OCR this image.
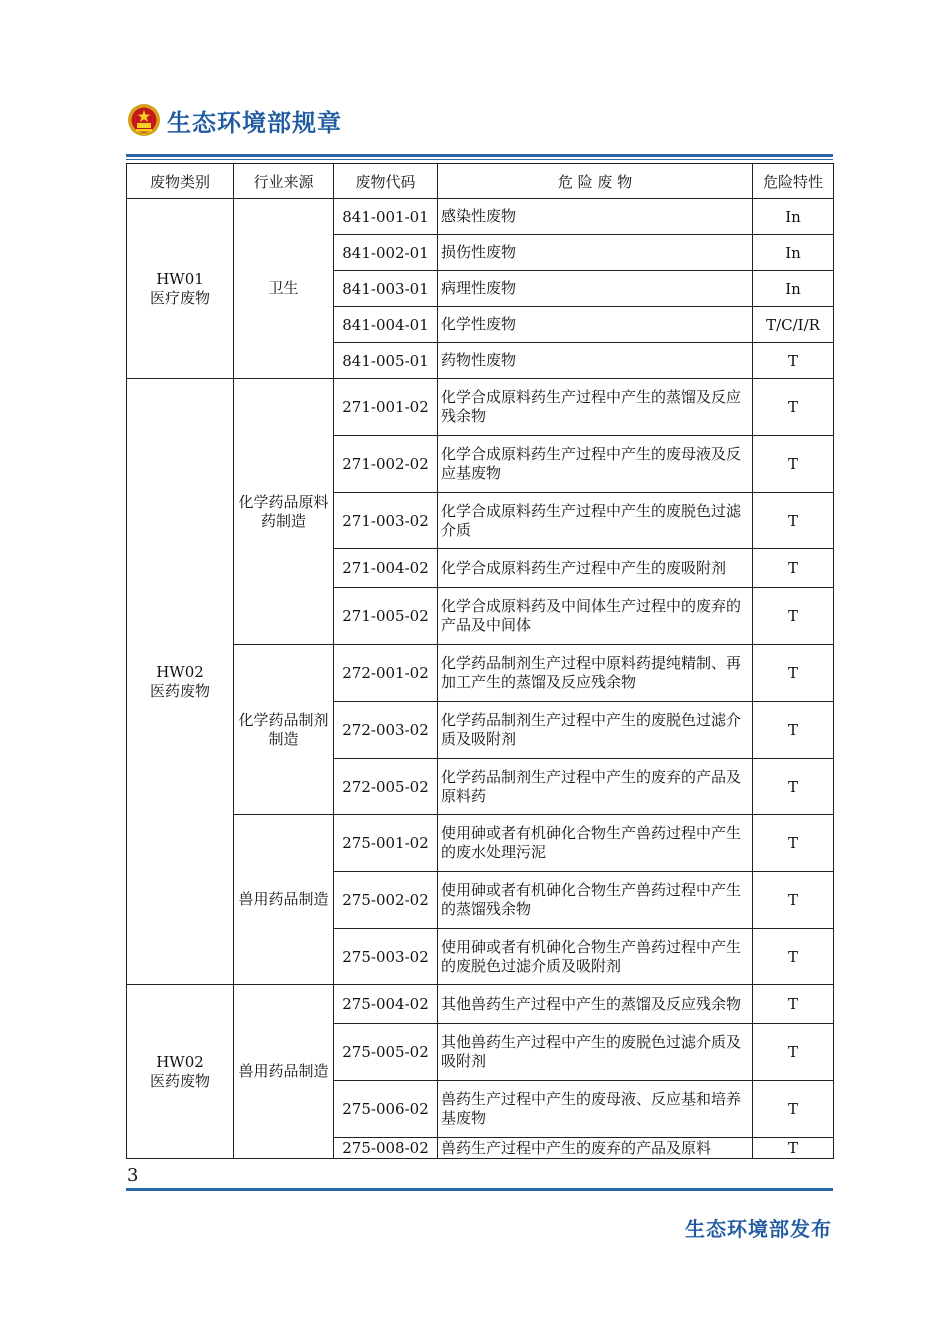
生态环境部规章
废物类别	行业来源	废物代码	危 险 废 物	危险特性

HW01
医疗废物	卫生	841-001-01	感染性废物	In
		841-002-01	损伤性废物	In
		841-003-01	病理性废物	In
		841-004-01	化学性废物	T/C/I/R
		841-005-01	药物性废物	T

HW02
医药废物	化学药品原料药制造	271-001-02	化学合成原料药生产过程中产生的蒸馏及反应残余物	T
		271-002-02	化学合成原料药生产过程中产生的废母液及反应基废物	T
		271-003-02	化学合成原料药生产过程中产生的废脱色过滤介质	T
		271-004-02	化学合成原料药生产过程中产生的废吸附剂	T
		271-005-02	化学合成原料药及中间体生产过程中的废弃的产品及中间体	T
	化学药品制剂制造	272-001-02	化学药品制剂生产过程中原料药提纯精制、再加工产生的蒸馏及反应残余物	T
		272-003-02	化学药品制剂生产过程中产生的废脱色过滤介质及吸附剂	T
		272-005-02	化学药品制剂生产过程中产生的废弃的产品及原料药	T
	兽用药品制造	275-001-02	使用砷或者有机砷化合物生产兽药过程中产生的废水处理污泥	T
		275-002-02	使用砷或者有机砷化合物生产兽药过程中产生的蒸馏残余物	T
		275-003-02	使用砷或者有机砷化合物生产兽药过程中产生的废脱色过滤介质及吸附剂	T

HW02
医药废物	兽用药品制造	275-004-02	其他兽药生产过程中产生的蒸馏及反应残余物	T
		275-005-02	其他兽药生产过程中产生的废脱色过滤介质及吸附剂	T
		275-006-02	兽药生产过程中产生的废母液、反应基和培养基废物	T
		275-008-02	兽药生产过程中产生的废弃的产品及原料	T
3
生态环境部发布
